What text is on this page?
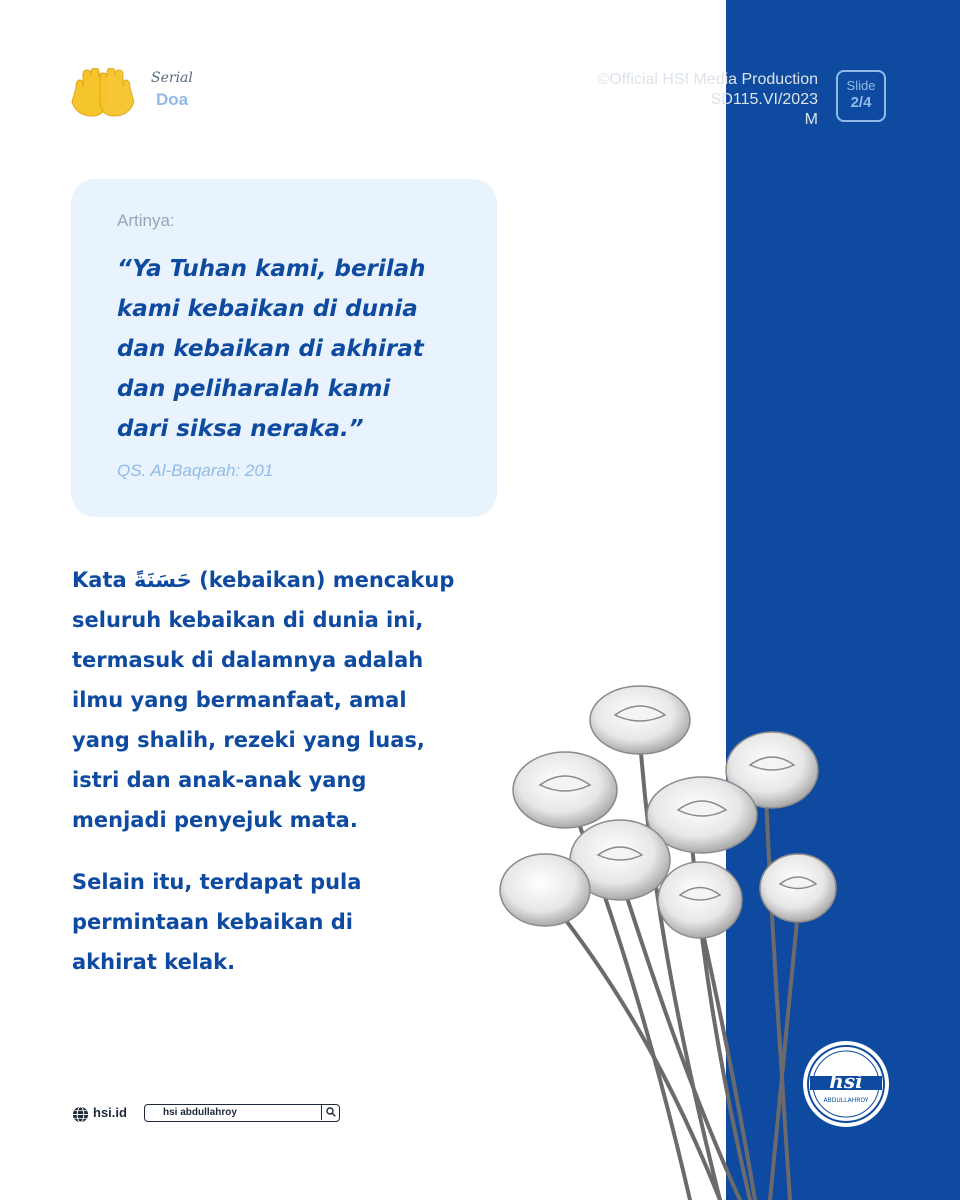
Serial
Doa
©Official HSI Media Production
SD115.VI/2023
M
Slide
2/4
Artinya:
“Ya Tuhan kami, berilah
kami kebaikan di dunia
dan kebaikan di akhirat
dan peliharalah kami
dari siksa neraka.”
QS. Al-Baqarah: 201
Kata حَسَنَةً (kebaikan) mencakup
seluruh kebaikan di dunia ini,
termasuk di dalamnya adalah
ilmu yang bermanfaat, amal
yang shalih, rezeki yang luas,
istri dan anak-anak yang
menjadi penyejuk mata.
Selain itu, terdapat pula
permintaan kebaikan di
akhirat kelak.
hsi.id	hsi abdullahroy
hsi
ABDULLAHROY
